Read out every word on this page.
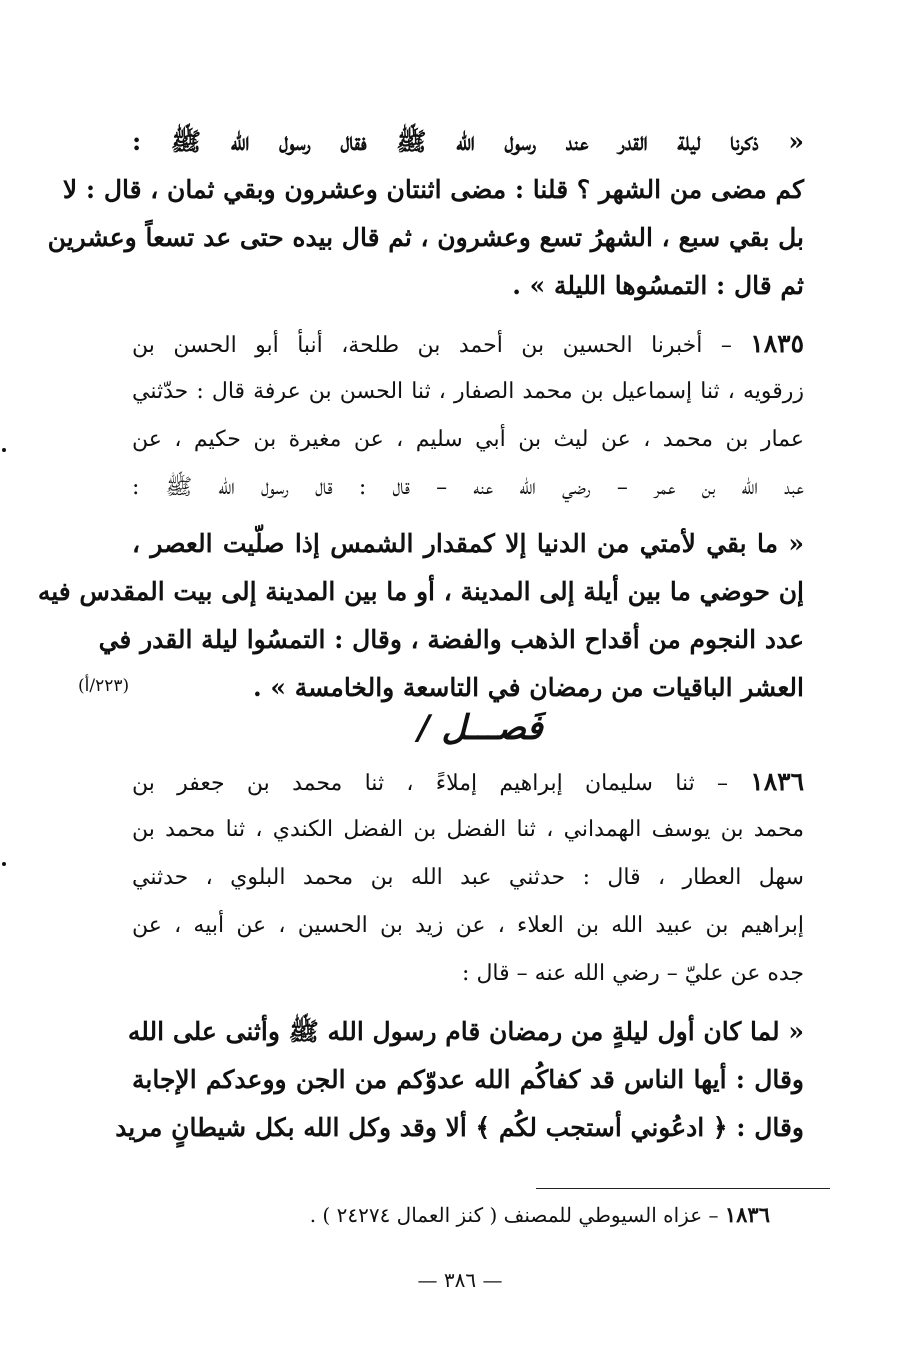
« ذكرنا ليلة القدر عند رسول الله ﷺ فقال رسول الله ﷺ :
كم مضى من الشهر ؟ قلنا : مضى اثنتان وعشرون وبقي ثمان ، قال : لا
بل بقي سبع ، الشهرُ تسع وعشرون ، ثم قال بيده حتى عد تسعاً وعشرين
ثم قال : التمسُوها الليلة » .
١٨٣٥ – أخبرنا الحسين بن أحمد بن طلحة، أنبأ أبو الحسن بن
زرقويه ، ثنا إسماعيل بن محمد الصفار ، ثنا الحسن بن عرفة قال : حدّثني
عمار بن محمد ، عن ليث بن أبي سليم ، عن مغيرة بن حكيم ، عن
عبد الله بن عمر – رضي الله عنه – قال : قال رسول الله ﷺ :
« ما بقي لأمتي من الدنيا إلا كمقدار الشمس إذا صلّيت العصر ،
إن حوضي ما بين أيلة إلى المدينة ، أو ما بين المدينة إلى بيت المقدس فيه
عدد النجوم من أقداح الذهب والفضة ، وقال : التمسُوا ليلة القدر في
العشر الباقيات من رمضان في التاسعة والخامسة » .
(٢٢٣/أ)
فَصـــل /
١٨٣٦ – ثنا سليمان إبراهيم إملاءً ، ثنا محمد بن جعفر بن
محمد بن يوسف الهمداني ، ثنا الفضل بن الفضل الكندي ، ثنا محمد بن
سهل العطار ، قال : حدثني عبد الله بن محمد البلوي ، حدثني
إبراهيم بن عبيد الله بن العلاء ، عن زيد بن الحسين ، عن أبيه ، عن
جده عن عليّ – رضي الله عنه – قال :
« لما كان أول ليلةٍ من رمضان قام رسول الله ﷺ وأثنى على الله
وقال : أيها الناس قد كفاكُم الله عدوّكم من الجن ووعدكم الإجابة
وقال : ﴿ ادعُوني أستجب لكُم ﴾ ألا وقد وكل الله بكل شيطانٍ مريد
١٨٣٦ – عزاه السيوطي للمصنف ( كنز العمال ٢٤٢٧٤ ) .
— ٣٨٦ —
